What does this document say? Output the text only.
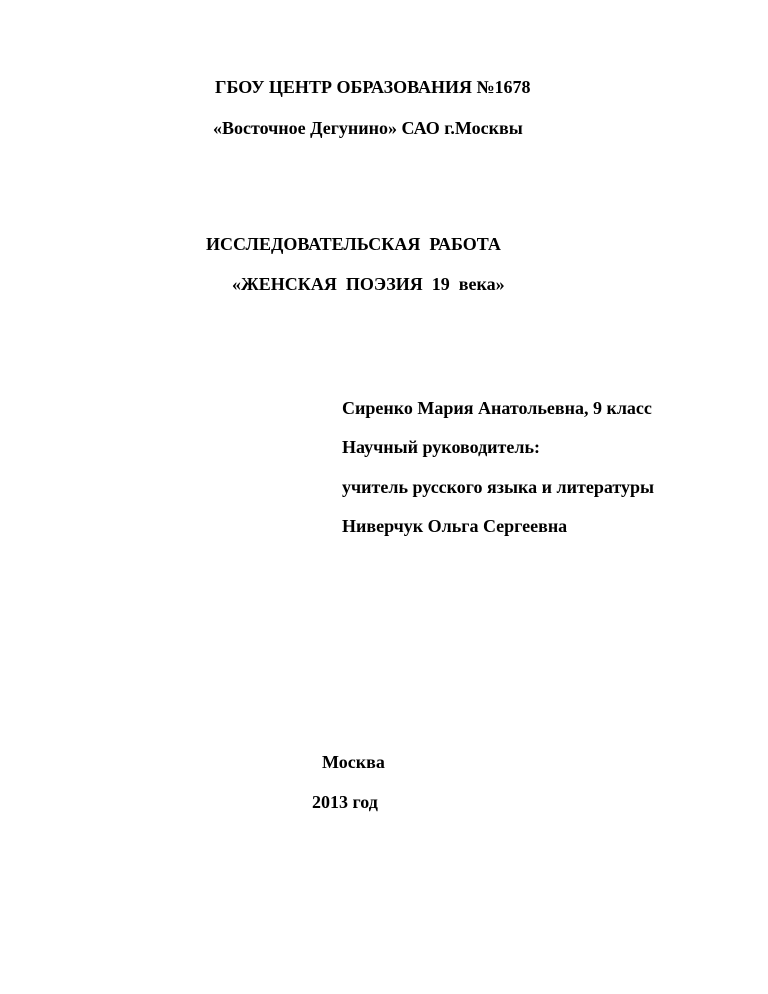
ГБОУ ЦЕНТР ОБРАЗОВАНИЯ №1678

«Восточное Дегунино» САО г.Москвы

ИССЛЕДОВАТЕЛЬСКАЯ  РАБОТА

«ЖЕНСКАЯ  ПОЭЗИЯ  19  века»

Сиренко Мария Анатольевна, 9 класс

Научный руководитель:

учитель русского языка и литературы

Ниверчук Ольга Сергеевна

Москва

2013 год
